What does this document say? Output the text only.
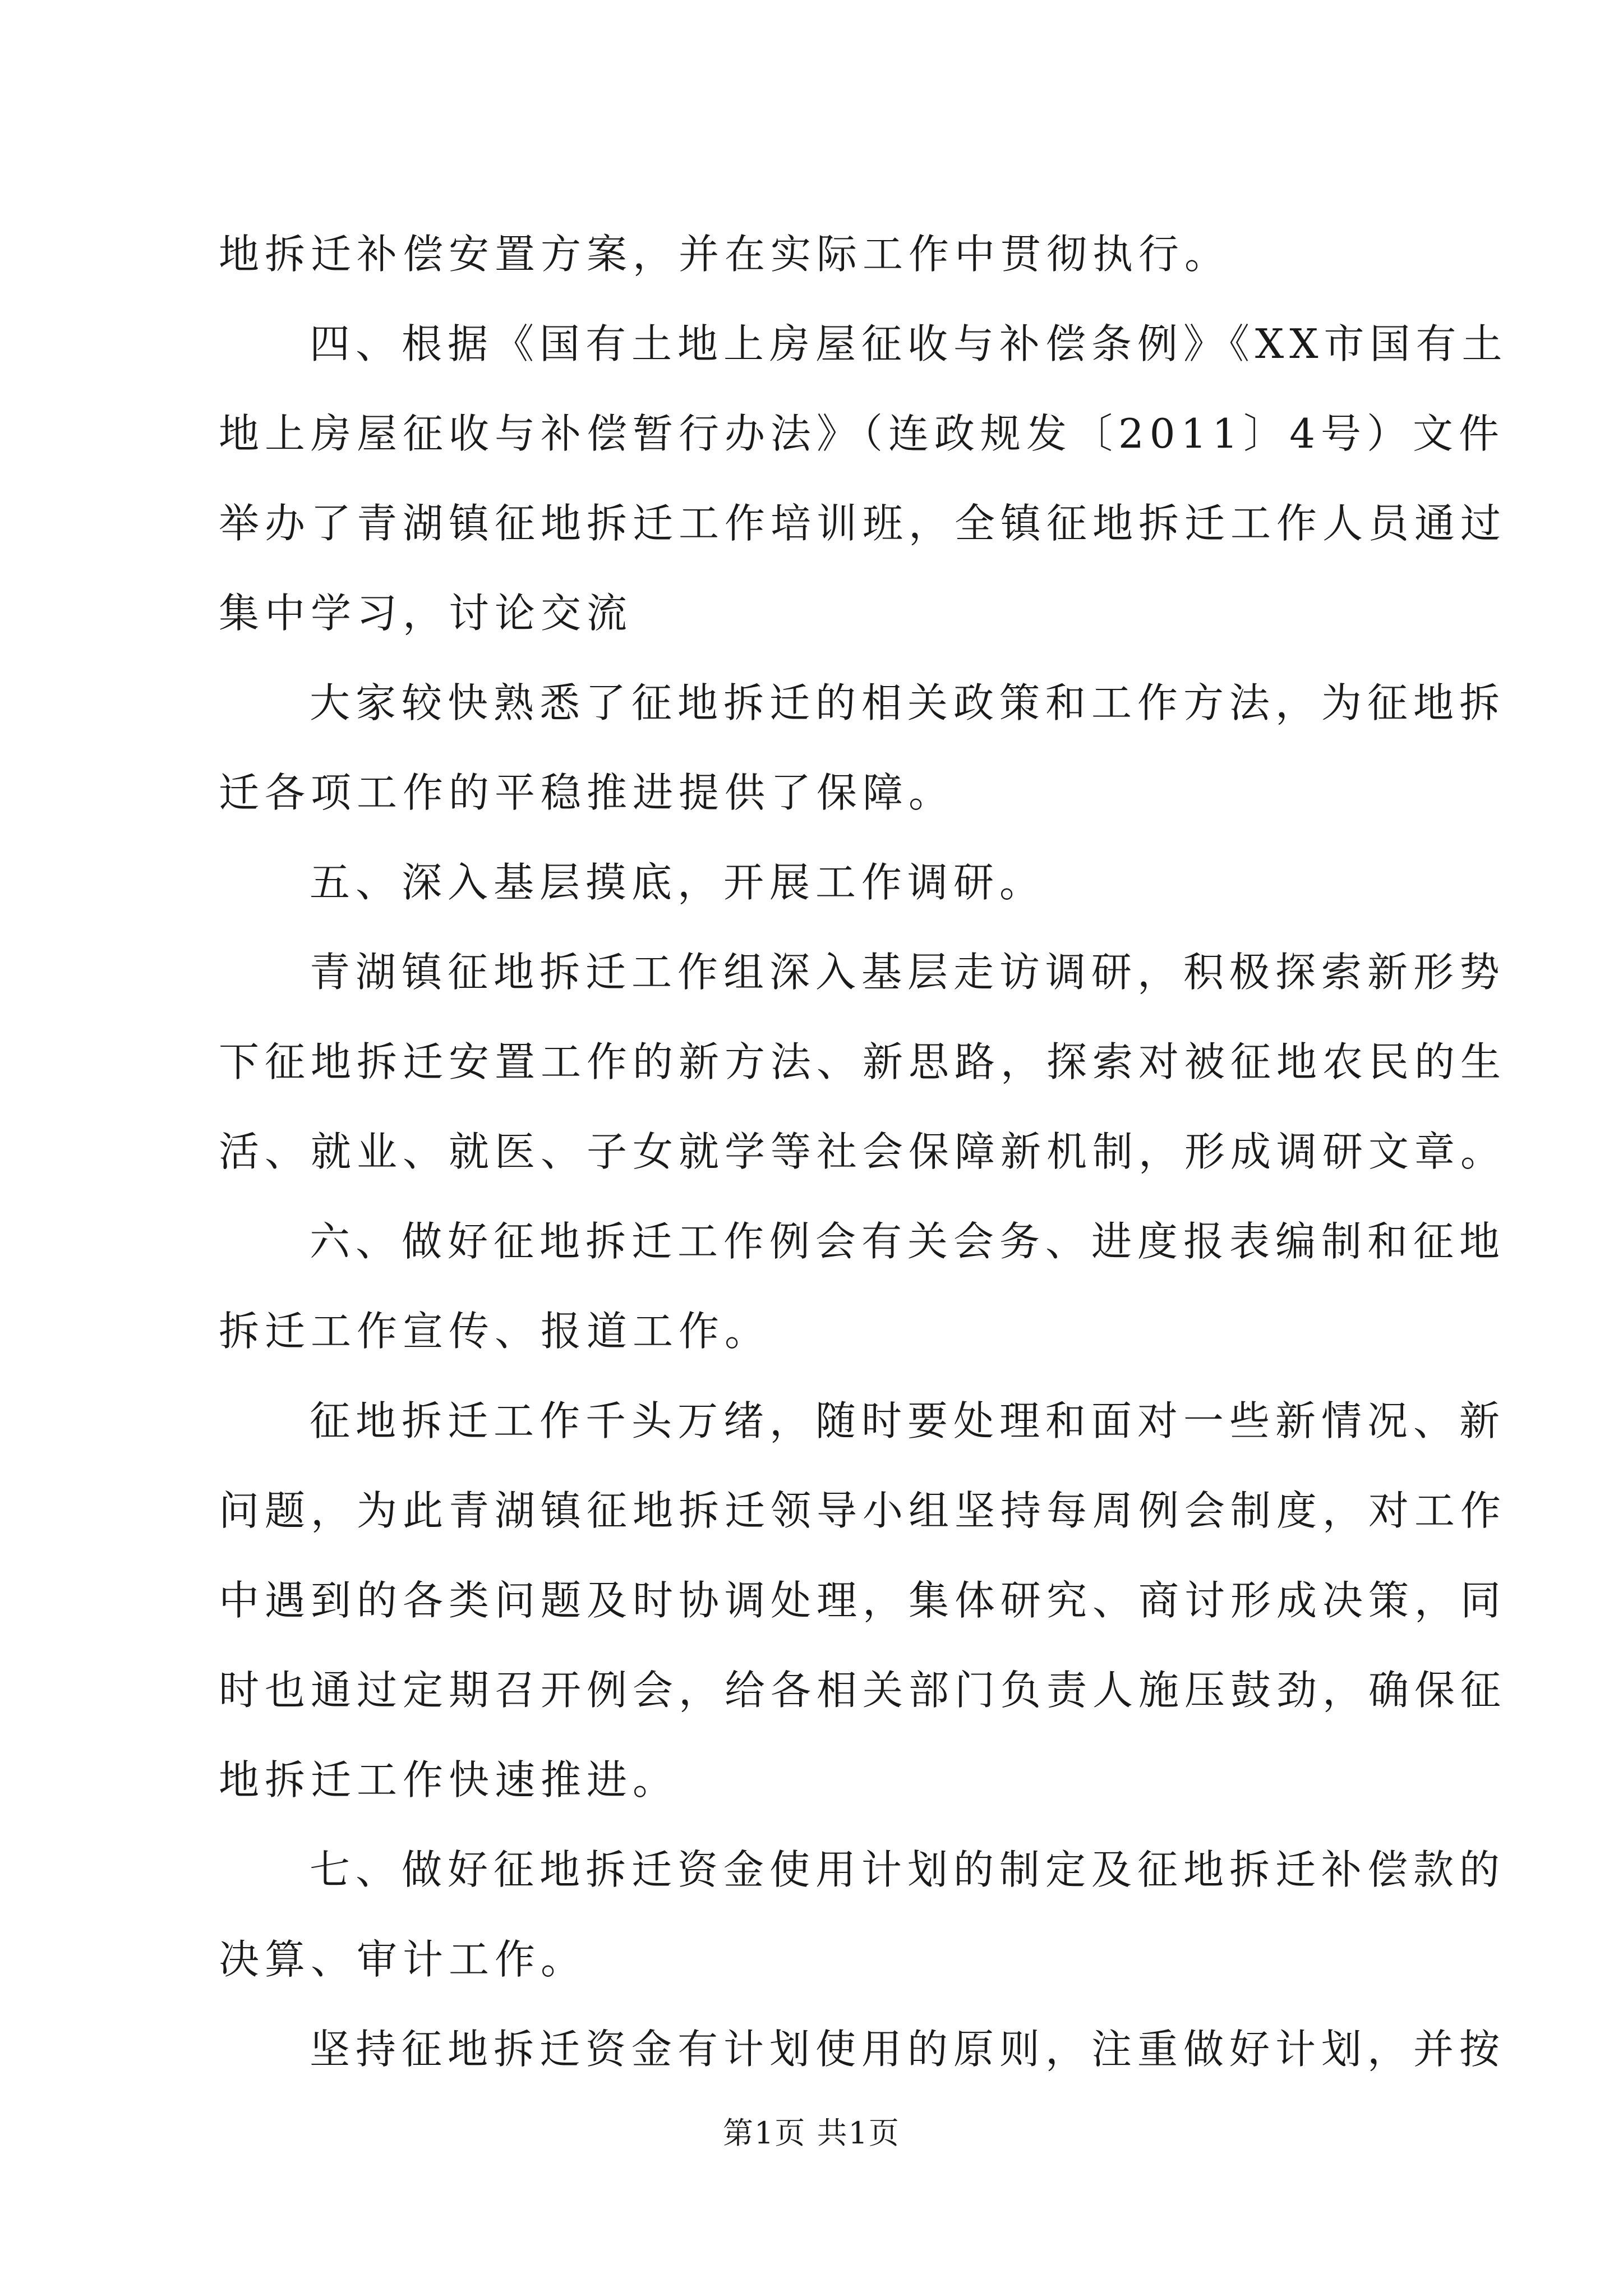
地拆迁补偿安置方案，并在实际工作中贯彻执行。
四、根据《国有土地上房屋征收与补偿条例》《XX市国有土
地上房屋征收与补偿暂行办法》（连政规发〔2011〕4号）文件
举办了青湖镇征地拆迁工作培训班，全镇征地拆迁工作人员通过
集中学习，讨论交流
大家较快熟悉了征地拆迁的相关政策和工作方法，为征地拆
迁各项工作的平稳推进提供了保障。
五、深入基层摸底，开展工作调研。
青湖镇征地拆迁工作组深入基层走访调研，积极探索新形势
下征地拆迁安置工作的新方法、新思路，探索对被征地农民的生
活、就业、就医、子女就学等社会保障新机制，形成调研文章。
六、做好征地拆迁工作例会有关会务、进度报表编制和征地
拆迁工作宣传、报道工作。
征地拆迁工作千头万绪，随时要处理和面对一些新情况、新
问题，为此青湖镇征地拆迁领导小组坚持每周例会制度，对工作
中遇到的各类问题及时协调处理，集体研究、商讨形成决策，同
时也通过定期召开例会，给各相关部门负责人施压鼓劲，确保征
地拆迁工作快速推进。
七、做好征地拆迁资金使用计划的制定及征地拆迁补偿款的
决算、审计工作。
坚持征地拆迁资金有计划使用的原则，注重做好计划，并按
第1页 共1页
